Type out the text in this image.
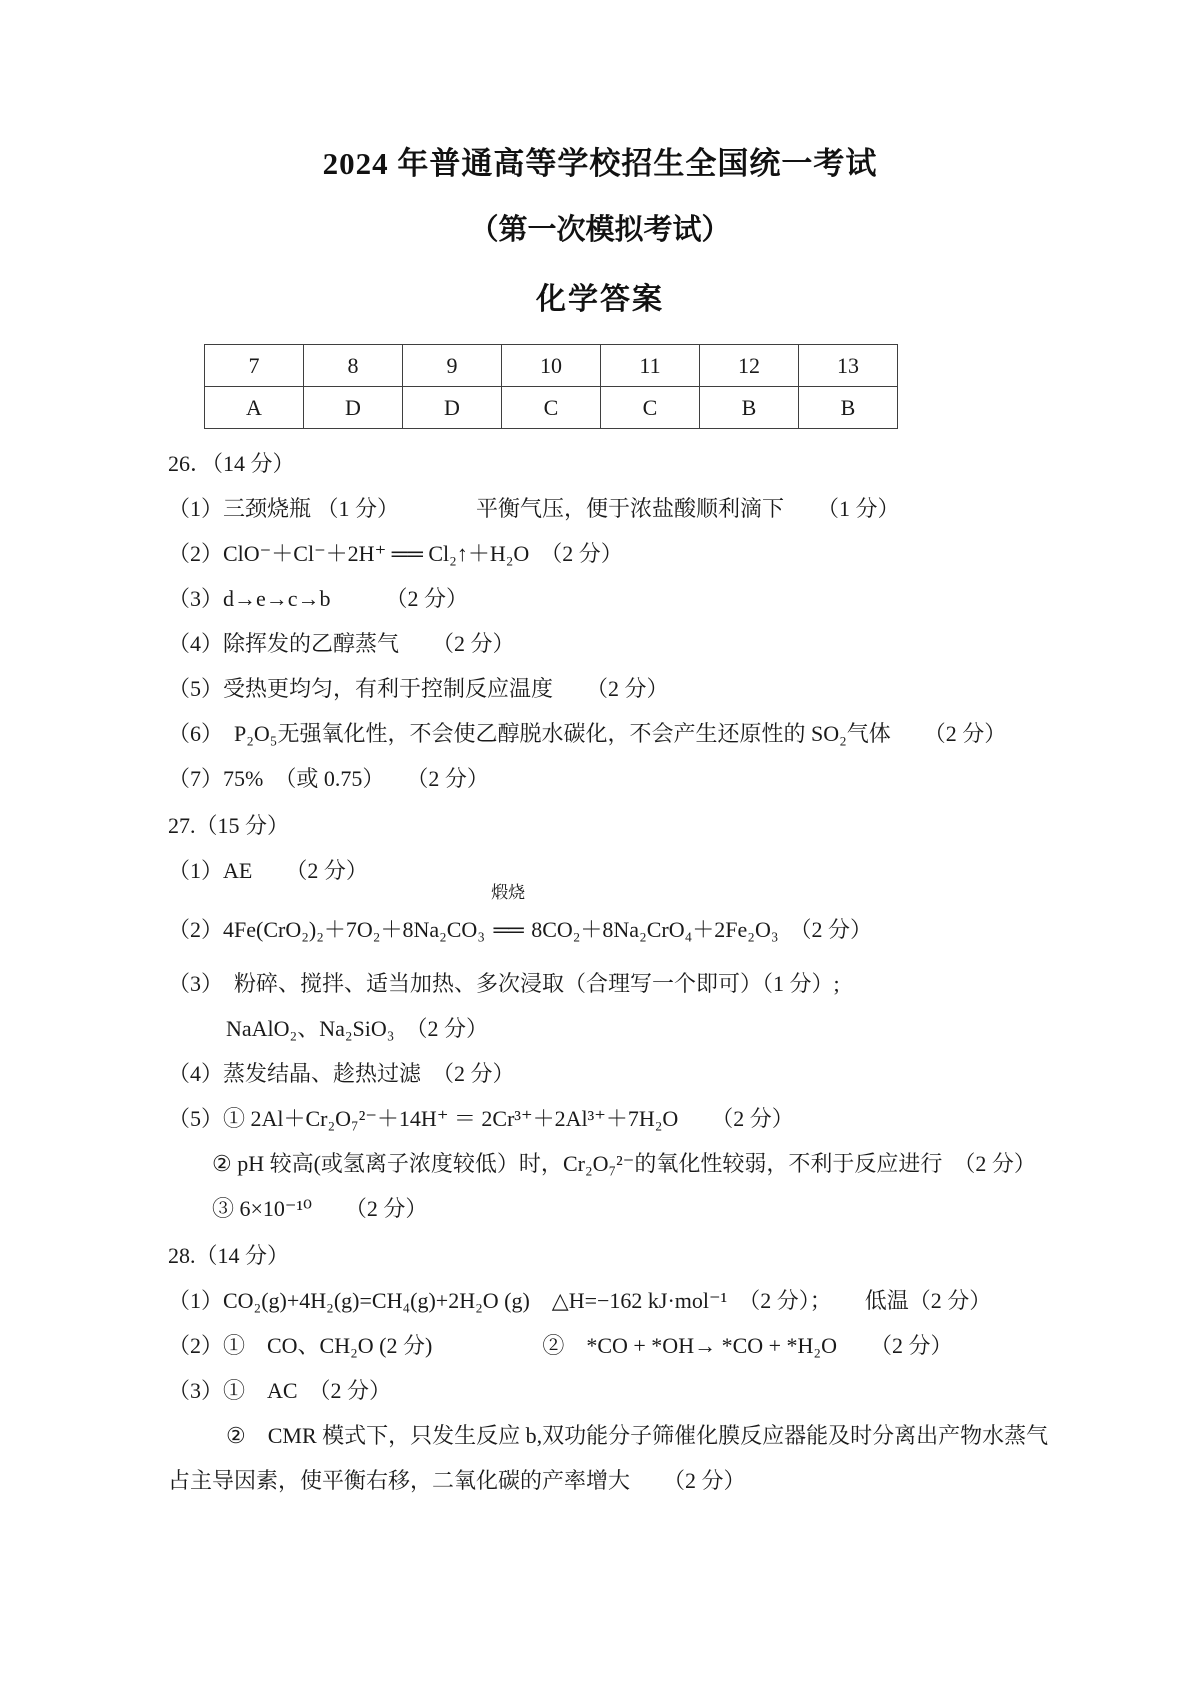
2024 年普通高等学校招生全国统一考试
（第一次模拟考试）
化学答案
7	8	9	10	11	12	13
A	D	D	C	C	B	B
26．（14 分）
（1）三颈烧瓶 （1 分）　　　　平衡气压，便于浓盐酸顺利滴下　　（1 分）
（2）ClO⁻＋Cl⁻＋2H⁺ ══ Cl₂↑＋H₂O　（2 分）
（3）d→e→c→b　　　（2 分）
（4）除挥发的乙醇蒸气　　（2 分）
（5）受热更均匀，有利于控制反应温度　　（2 分）
（6）　P₂O₅无强氧化性，不会使乙醇脱水碳化，不会产生还原性的 SO₂气体　　（2 分）
（7）75%　（或 0.75）　　（2 分）
27.（15 分）
（1）AE　　（2 分）
（2）4Fe(CrO₂)₂＋7O₂＋8Na₂CO₃
煅烧
══ 8CO₂＋8Na₂CrO₄＋2Fe₂O₃　（2 分）
（3）　粉碎、搅拌、适当加热、多次浸取（合理写一个即可）（1 分）;
NaAlO₂、Na₂SiO₃　（2 分）
（4）蒸发结晶、趁热过滤　（2 分）
（5）① 2Al＋Cr₂O₇²⁻＋14H⁺ ＝ 2Cr³⁺＋2Al³⁺＋7H₂O　　（2 分）
② pH 较高(或氢离子浓度较低）时，Cr₂O₇²⁻的氧化性较弱，不利于反应进行　（2 分）
③ 6×10⁻¹⁰　　（2 分）
28.（14 分）
（1）CO₂(g)+4H₂(g)=CH₄(g)+2H₂O (g)　△H=−162 kJ·mol⁻¹　（2 分）；　　低温（2 分）
（2）①　CO、CH₂O (2 分)　　　　　②　*CO + *OH→ *CO + *H₂O　　（2 分）
（3）①　AC　（2 分）
②　CMR 模式下，只发生反应 b,双功能分子筛催化膜反应器能及时分离出产物水蒸气
占主导因素，使平衡右移，二氧化碳的产率增大　　（2 分）
